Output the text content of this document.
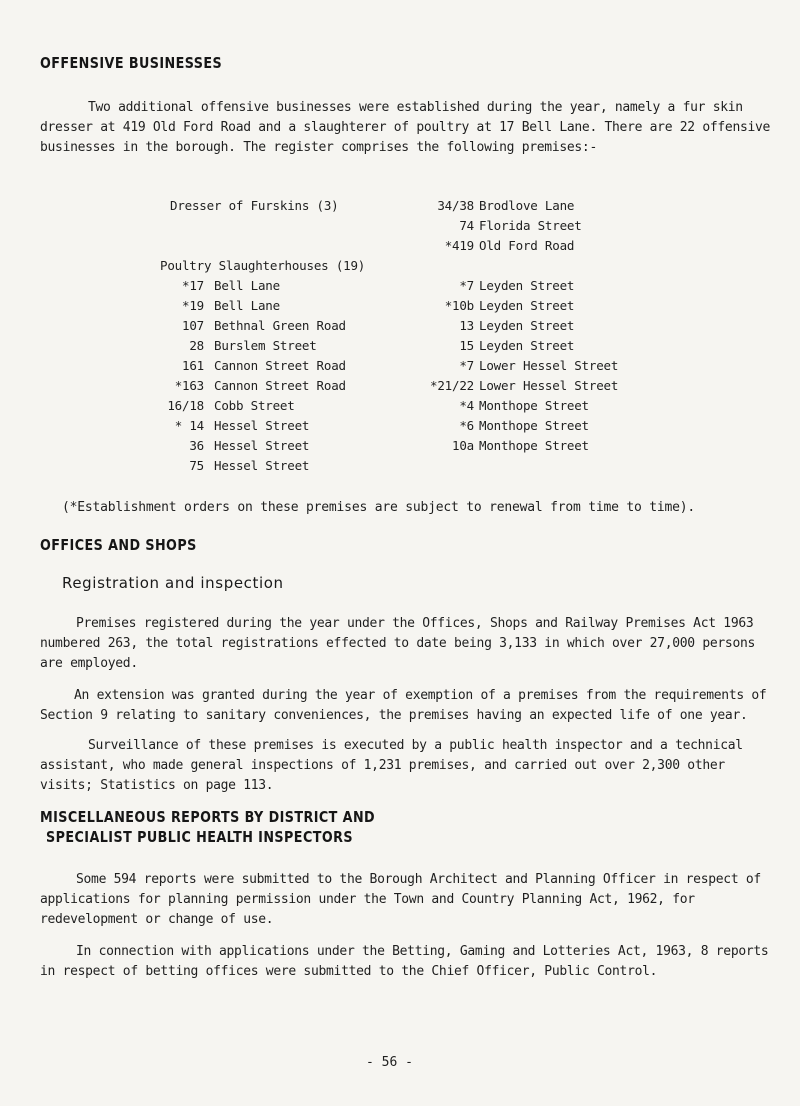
OFFENSIVE BUSINESSES

Two additional offensive businesses were established during the year, namely a fur skin
dresser at 419 Old Ford Road and a slaughterer of poultry at 17 Bell Lane. There are 22 offensive
businesses in the borough. The register comprises the following premises:-

Dresser of Furskins (3)
Poultry Slaughterhouses (19)
*17 Bell Lane
*19 Bell Lane
107 Bethnal Green Road
28 Burslem Street
161 Cannon Street Road
*163 Cannon Street Road
16/18 Cobb Street
* 14 Hessel Street
36 Hessel Street
75 Hessel Street
34/38 Brodlove Lane
74 Florida Street
*419 Old Ford Road
*7 Leyden Street
*10b Leyden Street
13 Leyden Street
15 Leyden Street
*7 Lower Hessel Street
*21/22 Lower Hessel Street
*4 Monthope Street
*6 Monthope Street
10a Monthope Street
(*Establishment orders on these premises are subject to renewal from time to time).
OFFICES AND SHOPS
Registration and inspection

Premises registered during the year under the Offices, Shops and Railway Premises Act 1963
numbered 263, the total registrations effected to date being 3,133 in which over 27,000 persons
are employed.

An extension was granted during the year of exemption of a premises from the requirements of
Section 9 relating to sanitary conveniences, the premises having an expected life of one year.

Surveillance of these premises is executed by a public health inspector and a technical
assistant, who made general inspections of 1,231 premises, and carried out over 2,300 other
visits; Statistics on page 113.

MISCELLANEOUS REPORTS BY DISTRICT AND
SPECIALIST PUBLIC HEALTH INSPECTORS

Some 594 reports were submitted to the Borough Architect and Planning Officer in respect of
applications for planning permission under the Town and Country Planning Act, 1962, for
redevelopment or change of use.

In connection with applications under the Betting, Gaming and Lotteries Act, 1963, 8 reports
in respect of betting offices were submitted to the Chief Officer, Public Control.

- 56 -
